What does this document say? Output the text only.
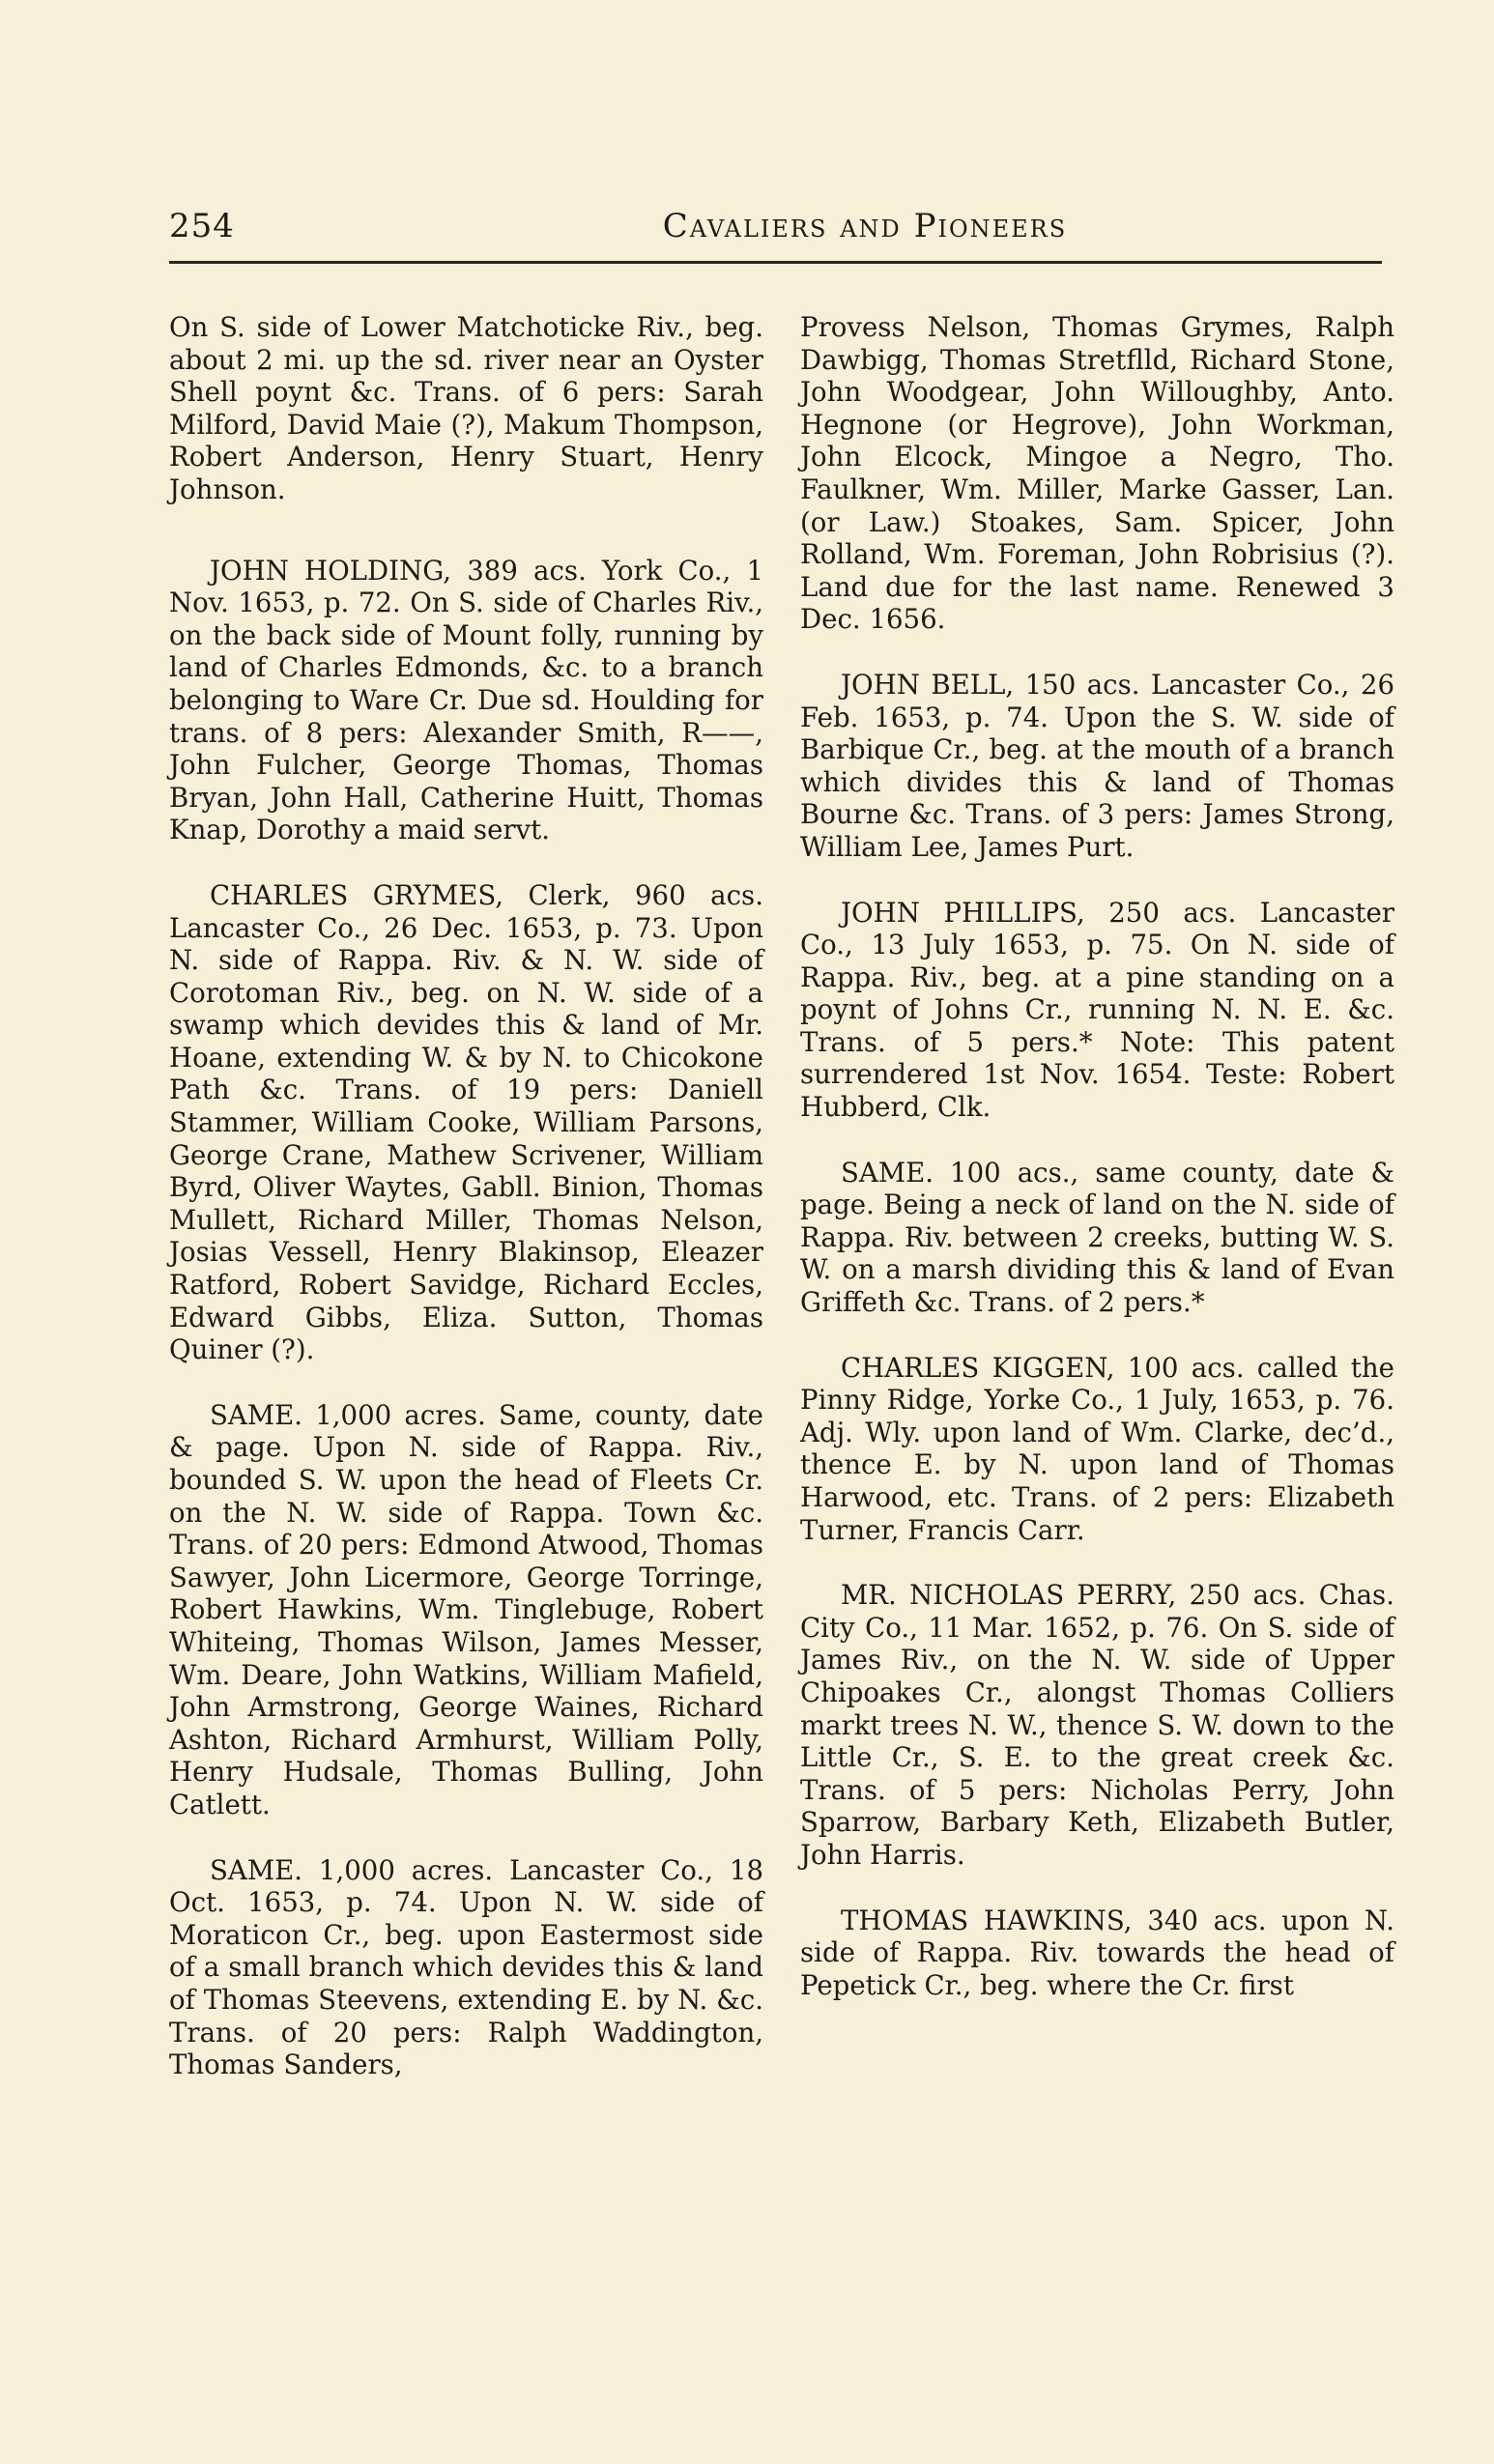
254	Cavaliers and Pioneers

On S. side of Lower Matchoticke Riv., beg. about 2 mi. up the sd. river near an Oyster Shell poynt &c. Trans. of 6 pers: Sarah Milford, David Maie (?), Makum Thompson, Robert Anderson, Henry Stuart, Henry Johnson.

JOHN HOLDING, 389 acs. York Co., 1 Nov. 1653, p. 72. On S. side of Charles Riv., on the back side of Mount folly, running by land of Charles Edmonds, &c. to a branch belonging to Ware Cr. Due sd. Houlding for trans. of 8 pers: Alexander Smith, R——, John Fulcher, George Thomas, Thomas Bryan, John Hall, Catherine Huitt, Thomas Knap, Dorothy a maid servt.

CHARLES GRYMES, Clerk, 960 acs. Lancaster Co., 26 Dec. 1653, p. 73. Upon N. side of Rappa. Riv. & N. W. side of Corotoman Riv., beg. on N. W. side of a swamp which devides this & land of Mr. Hoane, extending W. & by N. to Chicokone Path &c. Trans. of 19 pers: Daniell Stammer, William Cooke, William Parsons, George Crane, Mathew Scrivener, William Byrd, Oliver Waytes, Gabll. Binion, Thomas Mullett, Richard Miller, Thomas Nelson, Josias Vessell, Henry Blakinsop, Eleazer Ratford, Robert Savidge, Richard Eccles, Edward Gibbs, Eliza. Sutton, Thomas Quiner (?).

SAME. 1,000 acres. Same, county, date & page. Upon N. side of Rappa. Riv., bounded S. W. upon the head of Fleets Cr. on the N. W. side of Rappa. Town &c. Trans. of 20 pers: Edmond Atwood, Thomas Sawyer, John Licermore, George Torringe, Robert Hawkins, Wm. Tinglebuge, Robert Whiteing, Thomas Wilson, James Messer, Wm. Deare, John Watkins, William Mafield, John Armstrong, George Waines, Richard Ashton, Richard Armhurst, William Polly, Henry Hudsale, Thomas Bulling, John Catlett.

SAME. 1,000 acres. Lancaster Co., 18 Oct. 1653, p. 74. Upon N. W. side of Moraticon Cr., beg. upon Eastermost side of a small branch which devides this & land of Thomas Steevens, extending E. by N. &c. Trans. of 20 pers: Ralph Waddington, Thomas Sanders,

Provess Nelson, Thomas Grymes, Ralph Dawbigg, Thomas Stretflld, Richard Stone, John Woodgear, John Willoughby, Anto. Hegnone (or Hegrove), John Workman, John Elcock, Mingoe a Negro, Tho. Faulkner, Wm. Miller, Marke Gasser, Lan. (or Law.) Stoakes, Sam. Spicer, John Rolland, Wm. Foreman, John Robrisius (?). Land due for the last name. Renewed 3 Dec. 1656.

JOHN BELL, 150 acs. Lancaster Co., 26 Feb. 1653, p. 74. Upon the S. W. side of Barbique Cr., beg. at the mouth of a branch which divides this & land of Thomas Bourne &c. Trans. of 3 pers: James Strong, William Lee, James Purt.

JOHN PHILLIPS, 250 acs. Lancaster Co., 13 July 1653, p. 75. On N. side of Rappa. Riv., beg. at a pine standing on a poynt of Johns Cr., running N. N. E. &c. Trans. of 5 pers.* Note: This patent surrendered 1st Nov. 1654. Teste: Robert Hubberd, Clk.

SAME. 100 acs., same county, date & page. Being a neck of land on the N. side of Rappa. Riv. between 2 creeks, butting W. S. W. on a marsh dividing this & land of Evan Griffeth &c. Trans. of 2 pers.*

CHARLES KIGGEN, 100 acs. called the Pinny Ridge, Yorke Co., 1 July, 1653, p. 76. Adj. Wly. upon land of Wm. Clarke, dec’d., thence E. by N. upon land of Thomas Harwood, etc. Trans. of 2 pers: Elizabeth Turner, Francis Carr.

MR. NICHOLAS PERRY, 250 acs. Chas. City Co., 11 Mar. 1652, p. 76. On S. side of James Riv., on the N. W. side of Upper Chipoakes Cr., alongst Thomas Colliers markt trees N. W., thence S. W. down to the Little Cr., S. E. to the great creek &c. Trans. of 5 pers: Nicholas Perry, John Sparrow, Barbary Keth, Elizabeth Butler, John Harris.

THOMAS HAWKINS, 340 acs. upon N. side of Rappa. Riv. towards the head of Pepetick Cr., beg. where the Cr. first
